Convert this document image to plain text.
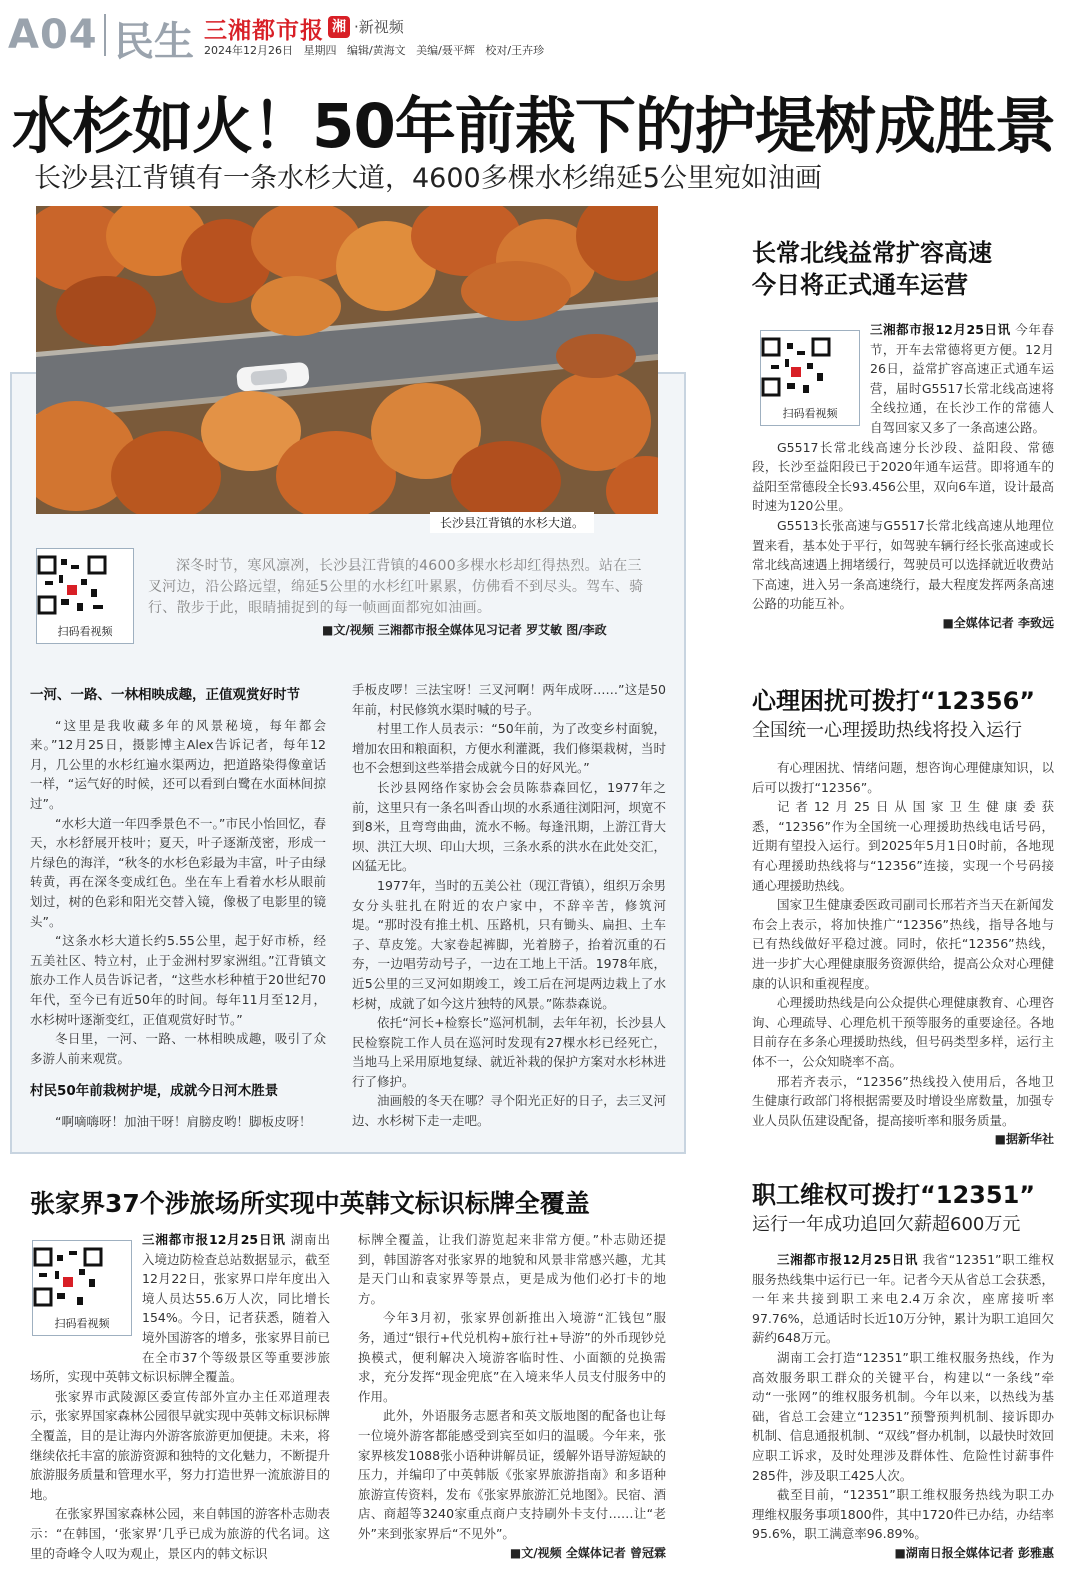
A04 民生 三湘都市报 湘 ·新视频
2024年12月26日   星期四   编辑/黄海文   美编/聂平辉   校对/王卉珍
水杉如火！50年前栽下的护堤树成胜景
长沙县江背镇有一条水杉大道，4600多棵水杉绵延5公里宛如油画
长沙县江背镇的水杉大道。
扫码看视频
深冬时节，寒风凛冽，长沙县江背镇的4600多棵水杉却红得热烈。站在三叉河边，沿公路远望，绵延5公里的水杉红叶累累，仿佛看不到尽头。驾车、骑行、散步于此，眼睛捕捉到的每一帧画面都宛如油画。
■文/视频 三湘都市报全媒体见习记者 罗艾敏 图/李政
一河、一路、一林相映成趣，正值观赏好时节

“这里是我收藏多年的风景秘境，每年都会来。”12月25日，摄影博主Alex告诉记者，每年12月，几公里的水杉红遍水渠两边，把道路染得像童话一样，“运气好的时候，还可以看到白鹭在水面林间掠过”。

“水杉大道一年四季景色不一。”市民小怡回忆，春天，水杉舒展开枝叶；夏天，叶子逐渐茂密，形成一片绿色的海洋，“秋冬的水杉色彩最为丰富，叶子由绿转黄，再在深冬变成红色。坐在车上看着水杉从眼前划过，树的色彩和阳光交替入镜，像极了电影里的镜头”。

“这条水杉大道长约5.55公里，起于好市桥，经五美社区、特立村，止于金洲村罗家洲组。”江背镇文旅办工作人员告诉记者，“这些水杉种植于20世纪70年代，至今已有近50年的时间。每年11月至12月，水杉树叶逐渐变红，正值观赏好时节。”

冬日里，一河、一路、一林相映成趣，吸引了众多游人前来观赏。

村民50年前栽树护堤，成就今日河木胜景

“啊嘀嗨呀！加油干呀！肩膀皮哟！脚板皮呀！

手板皮啰！三法宝呀！三叉河啊！两年成呀……”这是50年前，村民修筑水渠时喊的号子。

村里工作人员表示：“50年前，为了改变乡村面貌，增加农田和粮面积，方便水利灌溉，我们修渠栽树，当时也不会想到这些举措会成就今日的好风光。”

长沙县网络作家协会会员陈恭森回忆，1977年之前，这里只有一条名叫香山坝的水系通往浏阳河，坝宽不到8米，且弯弯曲曲，流水不畅。每逢汛期，上游江背大坝、洪江大坝、印山大坝，三条水系的洪水在此处交汇，凶猛无比。

1977年，当时的五美公社（现江背镇），组织万余男女分头驻扎在附近的农户家中，不辞辛苦，修筑河堤。“那时没有推土机、压路机，只有锄头、扁担、土车子、草皮笼。大家卷起裤脚，光着膀子，抬着沉重的石夯，一边唱劳动号子，一边在工地上干活。1978年底，近5公里的三叉河如期竣工，竣工后在河堤两边栽上了水杉树，成就了如今这片独特的风景。”陈恭森说。

依托“河长+检察长”巡河机制，去年年初，长沙县人民检察院工作人员在巡河时发现有27棵水杉已经死亡，当地马上采用原地复绿、就近补栽的保护方案对水杉林进行了修护。

油画般的冬天在哪？寻个阳光正好的日子，去三叉河边、水杉树下走一走吧。

长常北线益常扩容高速
今日将正式通车运营
扫码看视频

三湘都市报12月25日讯 今年春节，开车去常德将更方便。12月26日，益常扩容高速正式通车运营，届时G5517长常北线高速将全线拉通，在长沙工作的常德人自驾回家又多了一条高速公路。

G5517长常北线高速分长沙段、益阳段、常德段，长沙至益阳段已于2020年通车运营。即将通车的益阳至常德段全长93.456公里，双向6车道，设计最高时速为120公里。

G5513长张高速与G5517长常北线高速从地理位置来看，基本处于平行，如驾驶车辆行经长张高速或长常北线高速遇上拥堵缓行，驾驶员可以选择就近收费站下高速，进入另一条高速绕行，最大程度发挥两条高速公路的功能互补。

■全媒体记者 李致远
心理困扰可拨打“12356”
全国统一心理援助热线将投入运行

有心理困扰、情绪问题，想咨询心理健康知识，以后可以拨打“12356”。

记者12月25日从国家卫生健康委获悉，“12356”作为全国统一心理援助热线电话号码，近期有望投入运行。到2025年5月1日0时前，各地现有心理援助热线将与“12356”连接，实现一个号码接通心理援助热线。

国家卫生健康委医政司副司长邢若齐当天在新闻发布会上表示，将加快推广“12356”热线，指导各地与已有热线做好平稳过渡。同时，依托“12356”热线，进一步扩大心理健康服务资源供给，提高公众对心理健康的认识和重视程度。

心理援助热线是向公众提供心理健康教育、心理咨询、心理疏导、心理危机干预等服务的重要途径。各地目前存在多条心理援助热线，但号码类型多样，运行主体不一，公众知晓率不高。

邢若齐表示，“12356”热线投入使用后，各地卫生健康行政部门将根据需要及时增设坐席数量，加强专业人员队伍建设配备，提高接听率和服务质量。

■据新华社
职工维权可拨打“12351”
运行一年成功追回欠薪超600万元

三湘都市报12月25日讯 我省“12351”职工维权服务热线集中运行已一年。记者今天从省总工会获悉，一年来共接到职工来电2.4万余次，座席接听率97.76%，总通话时长近10万分钟，累计为职工追回欠薪约648万元。

湖南工会打造“12351”职工维权服务热线，作为高效服务职工群众的关键平台，构建以“一条线”牵动“一张网”的维权服务机制。今年以来，以热线为基础，省总工会建立“12351”预警预判机制、接诉即办机制、信息通报机制、“双线”督办机制，以最快时效回应职工诉求，及时处理涉及群体性、危险性讨薪事件285件，涉及职工425人次。

截至目前，“12351”职工维权服务热线为职工办理维权服务事项1800件，其中1720件已办结，办结率95.6%，职工满意率96.89%。

■湖南日报全媒体记者 彭雅惠
张家界37个涉旅场所实现中英韩文标识标牌全覆盖
扫码看视频

三湘都市报12月25日讯 湖南出入境边防检查总站数据显示，截至12月22日，张家界口岸年度出入境人员达55.6万人次，同比增长154%。今日，记者获悉，随着入境外国游客的增多，张家界目前已在全市37个等级景区等重要涉旅场所，实现中英韩文标识标牌全覆盖。

张家界市武陵源区委宣传部外宣办主任邓道理表示，张家界国家森林公园很早就实现中英韩文标识标牌全覆盖，目的是让海内外游客旅游更加便捷。未来，将继续依托丰富的旅游资源和独特的文化魅力，不断提升旅游服务质量和管理水平，努力打造世界一流旅游目的地。

在张家界国家森林公园，来自韩国的游客朴志勋表示：“在韩国，‘张家界’几乎已成为旅游的代名词。这里的奇峰令人叹为观止，景区内的韩文标识

标牌全覆盖，让我们游览起来非常方便。”朴志勋还提到，韩国游客对张家界的地貌和风景非常感兴趣，尤其是天门山和袁家界等景点，更是成为他们必打卡的地方。

今年3月初，张家界创新推出入境游“汇钱包”服务，通过“银行+代兑机构+旅行社+导游”的外币现钞兑换模式，便利解决入境游客临时性、小面额的兑换需求，充分发挥“现金兜底”在入境来华人员支付服务中的作用。

此外，外语服务志愿者和英文版地图的配备也让每一位境外游客都能感受到宾至如归的温暖。今年来，张家界核发1088张小语种讲解员证，缓解外语导游短缺的压力，并编印了中英韩版《张家界旅游指南》和多语种旅游宣传资料，发布《张家界旅游汇兑地图》。民宿、酒店、商超等3240家重点商户支持刷外卡支付……让“老外”来到张家界后“不见外”。

■文/视频 全媒体记者 曾冠霖
